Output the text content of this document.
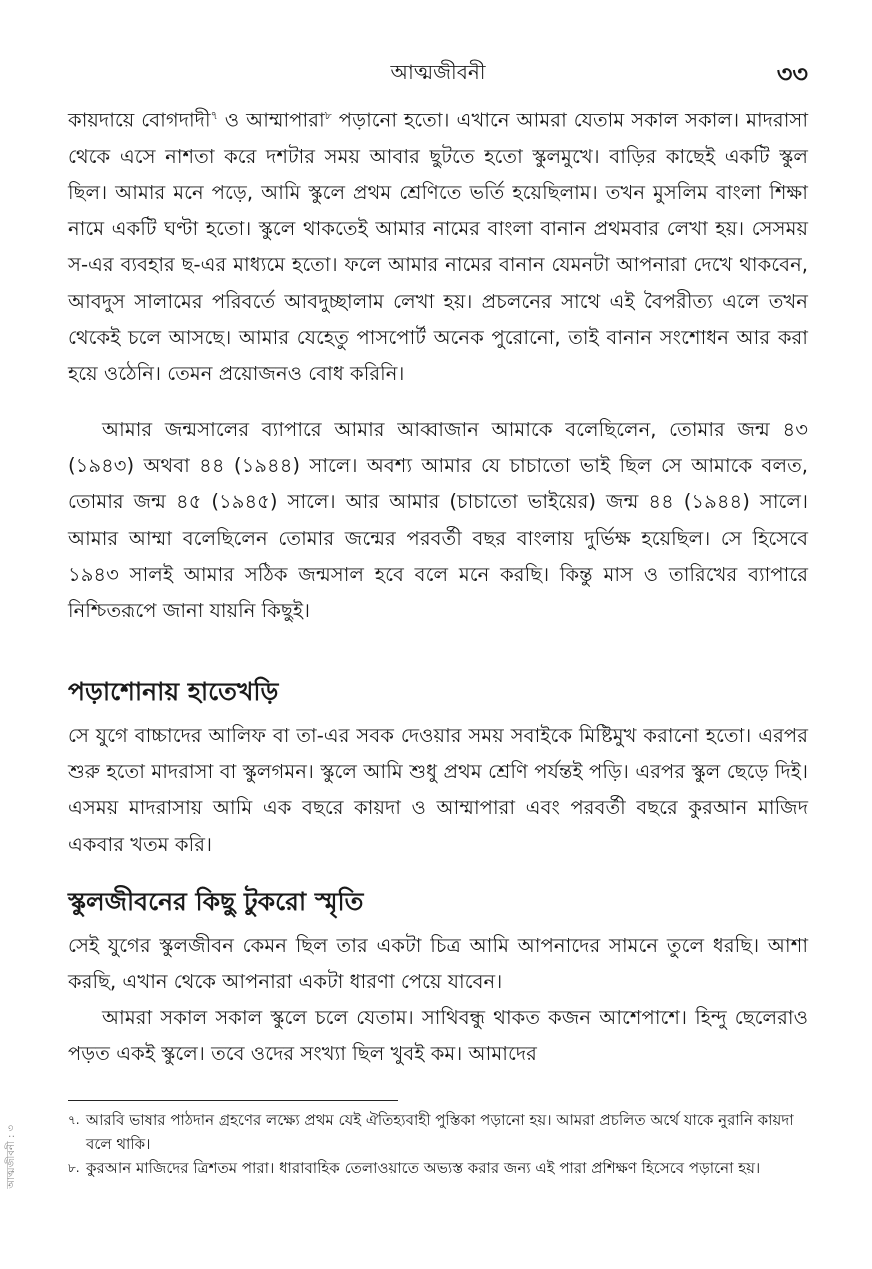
আত্মজীবনী	৩৩

কায়দায়ে বোগদাদী$^৭$ ও আম্মাপারা$^৮$ পড়ানো হতো। এখানে আমরা যেতাম সকাল সকাল। মাদরাসা থেকে এসে নাশতা করে দশটার সময় আবার ছুটতে হতো স্কুলমুখে। বাড়ির কাছেই একটি স্কুল ছিল। আমার মনে পড়ে, আমি স্কুলে প্রথম শ্রেণিতে ভর্তি হয়েছিলাম। তখন মুসলিম বাংলা শিক্ষা নামে একটি ঘণ্টা হতো। স্কুলে থাকতেই আমার নামের বাংলা বানান প্রথমবার লেখা হয়। সেসময় স-এর ব্যবহার ছ-এর মাধ্যমে হতো। ফলে আমার নামের বানান যেমনটা আপনারা দেখে থাকবেন, আবদুস সালামের পরিবর্তে আবদুচ্ছালাম লেখা হয়। প্রচলনের সাথে এই বৈপরীত্য এলে তখন থেকেই চলে আসছে। আমার যেহেতু পাসপোর্ট অনেক পুরোনো, তাই বানান সংশোধন আর করা হয়ে ওঠেনি। তেমন প্রয়োজনও বোধ করিনি।

আমার জন্মসালের ব্যাপারে আমার আব্বাজান আমাকে বলেছিলেন, তোমার জন্ম ৪৩ (১৯৪৩) অথবা ৪৪ (১৯৪৪) সালে। অবশ্য আমার যে চাচাতো ভাই ছিল সে আমাকে বলত, তোমার জন্ম ৪৫ (১৯৪৫) সালে। আর আমার (চাচাতো ভাইয়ের) জন্ম ৪৪ (১৯৪৪) সালে। আমার আম্মা বলেছিলেন তোমার জন্মের পরবর্তী বছর বাংলায় দুর্ভিক্ষ হয়েছিল। সে হিসেবে ১৯৪৩ সালই আমার সঠিক জন্মসাল হবে বলে মনে করছি। কিন্তু মাস ও তারিখের ব্যাপারে নিশ্চিতরূপে জানা যায়নি কিছুই।

পড়াশোনায় হাতেখড়ি

সে যুগে বাচ্চাদের আলিফ বা তা-এর সবক দেওয়ার সময় সবাইকে মিষ্টিমুখ করানো হতো। এরপর শুরু হতো মাদরাসা বা স্কুলগমন। স্কুলে আমি শুধু প্রথম শ্রেণি পর্যন্তই পড়ি। এরপর স্কুল ছেড়ে দিই। এসময় মাদরাসায় আমি এক বছরে কায়দা ও আম্মাপারা এবং পরবর্তী বছরে কুরআন মাজিদ একবার খতম করি।

স্কুলজীবনের কিছু টুকরো স্মৃতি

সেই যুগের স্কুলজীবন কেমন ছিল তার একটা চিত্র আমি আপনাদের সামনে তুলে ধরছি। আশা করছি, এখান থেকে আপনারা একটা ধারণা পেয়ে যাবেন।

আমরা সকাল সকাল স্কুলে চলে যেতাম। সাথিবন্ধু থাকত কজন আশেপাশে। হিন্দু ছেলেরাও পড়ত একই স্কুলে। তবে ওদের সংখ্যা ছিল খুবই কম। আমাদের

৭. আরবি ভাষার পাঠদান গ্রহণের লক্ষ্যে প্রথম যেই ঐতিহ্যবাহী পুস্তিকা পড়ানো হয়। আমরা প্রচলিত অর্থে যাকে নুরানি কায়দা বলে থাকি।
৮. কুরআন মাজিদের ত্রিশতম পারা। ধারাবাহিক তেলাওয়াতে অভ্যস্ত করার জন্য এই পারা প্রশিক্ষণ হিসেবে পড়ানো হয়।
আত্মজীবনী : ৩
